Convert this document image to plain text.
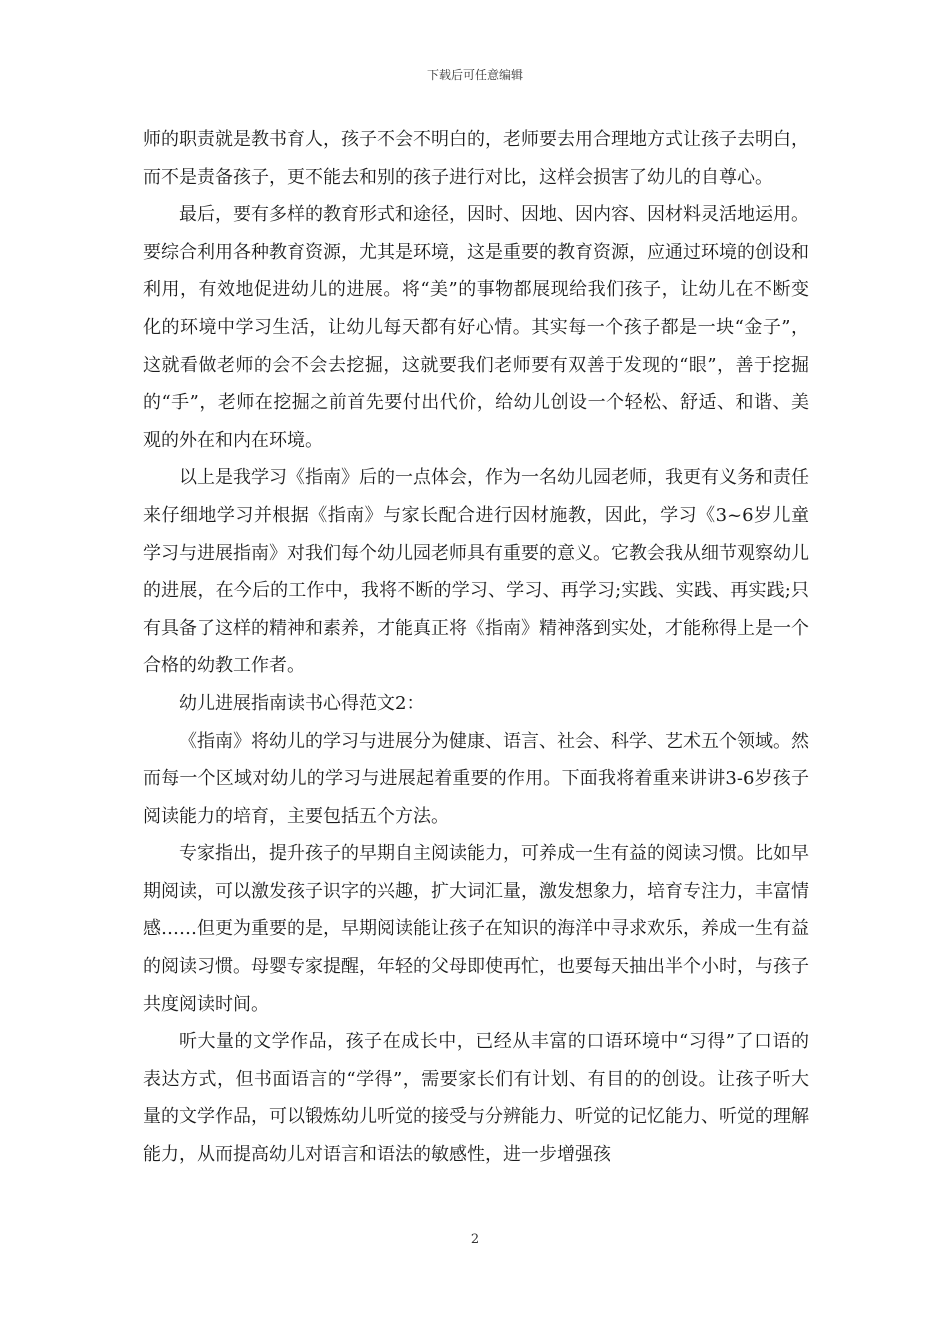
下载后可任意编辑

师的职责就是教书育人，孩子不会不明白的，老师要去用合理地方式让孩子去明白，而不是责备孩子，更不能去和别的孩子进行对比，这样会损害了幼儿的自尊心。

最后，要有多样的教育形式和途径，因时、因地、因内容、因材料灵活地运用。要综合利用各种教育资源，尤其是环境，这是重要的教育资源，应通过环境的创设和利用，有效地促进幼儿的进展。将“美”的事物都展现给我们孩子，让幼儿在不断变化的环境中学习生活，让幼儿每天都有好心情。其实每一个孩子都是一块“金子”，这就看做老师的会不会去挖掘，这就要我们老师要有双善于发现的“眼”，善于挖掘的“手”，老师在挖掘之前首先要付出代价，给幼儿创设一个轻松、舒适、和谐、美观的外在和内在环境。

以上是我学习《指南》后的一点体会，作为一名幼儿园老师，我更有义务和责任来仔细地学习并根据《指南》与家长配合进行因材施教，因此，学习《3~6岁儿童学习与进展指南》对我们每个幼儿园老师具有重要的意义。它教会我从细节观察幼儿的进展，在今后的工作中，我将不断的学习、学习、再学习;实践、实践、再实践;只有具备了这样的精神和素养，才能真正将《指南》精神落到实处，才能称得上是一个合格的幼教工作者。

幼儿进展指南读书心得范文2：

《指南》将幼儿的学习与进展分为健康、语言、社会、科学、艺术五个领域。然而每一个区域对幼儿的学习与进展起着重要的作用。下面我将着重来讲讲3-6岁孩子阅读能力的培育，主要包括五个方法。

专家指出，提升孩子的早期自主阅读能力，可养成一生有益的阅读习惯。比如早期阅读，可以激发孩子识字的兴趣，扩大词汇量，激发想象力，培育专注力，丰富情感……但更为重要的是，早期阅读能让孩子在知识的海洋中寻求欢乐，养成一生有益的阅读习惯。母婴专家提醒，年轻的父母即使再忙，也要每天抽出半个小时，与孩子共度阅读时间。

听大量的文学作品，孩子在成长中，已经从丰富的口语环境中“习得”了口语的表达方式，但书面语言的“学得”，需要家长们有计划、有目的的创设。让孩子听大量的文学作品，可以锻炼幼儿听觉的接受与分辨能力、听觉的记忆能力、听觉的理解能力，从而提高幼儿对语言和语法的敏感性，进一步增强孩

2
